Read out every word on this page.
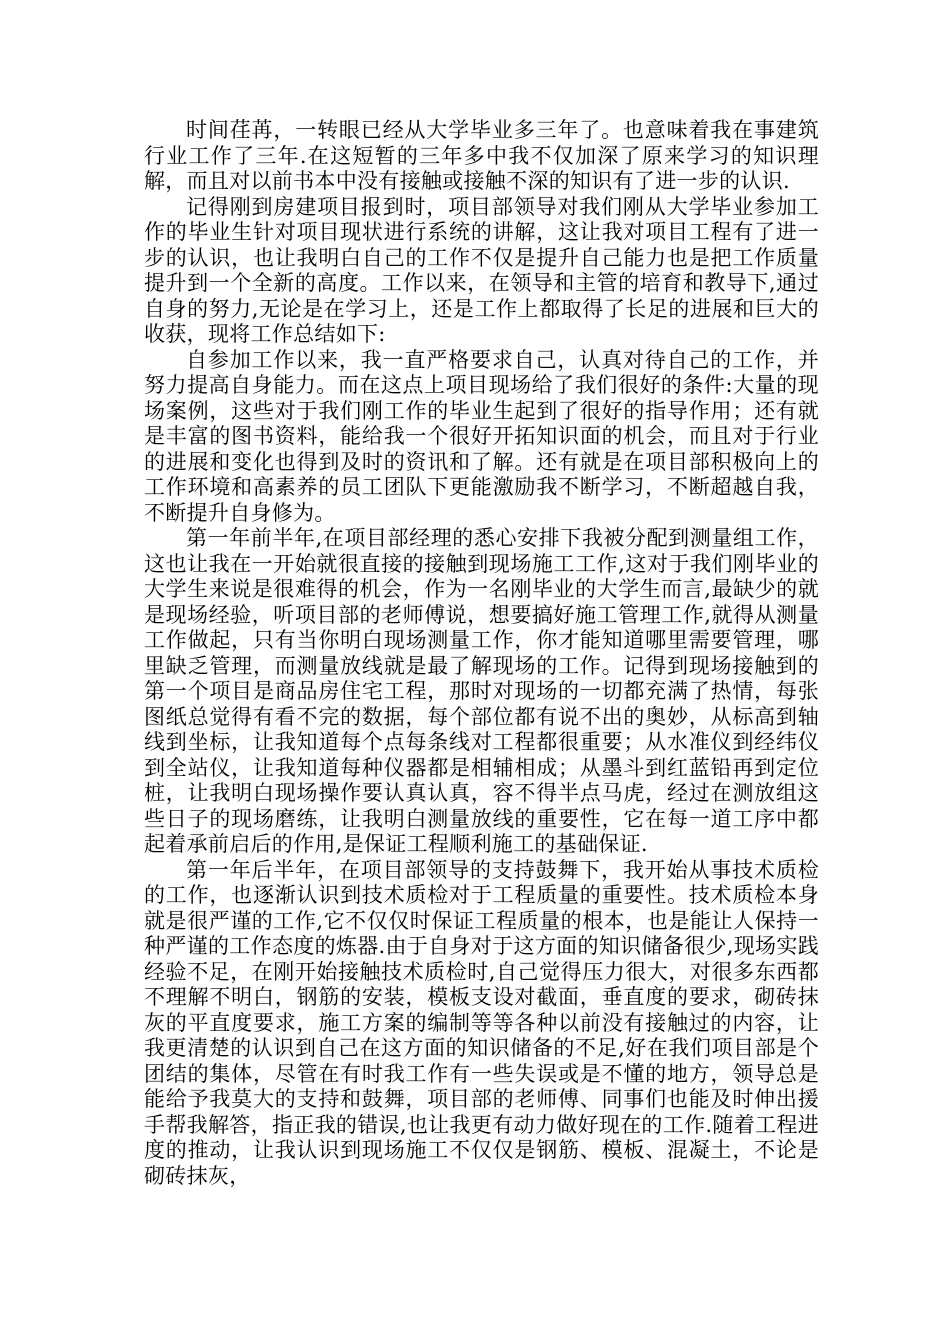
时间荏苒，一转眼已经从大学毕业多三年了。也意味着我在事建筑行业工作了三年.在这短暂的三年多中我不仅加深了原来学习的知识理解，而且对以前书本中没有接触或接触不深的知识有了进一步的认识.

记得刚到房建项目报到时，项目部领导对我们刚从大学毕业参加工作的毕业生针对项目现状进行系统的讲解，这让我对项目工程有了进一步的认识，也让我明白自己的工作不仅是提升自己能力也是把工作质量提升到一个全新的高度。工作以来，在领导和主管的培育和教导下,通过自身的努力,无论是在学习上，还是工作上都取得了长足的进展和巨大的收获，现将工作总结如下:

自参加工作以来，我一直严格要求自己，认真对待自己的工作，并努力提高自身能力。而在这点上项目现场给了我们很好的条件:大量的现场案例，这些对于我们刚工作的毕业生起到了很好的指导作用；还有就是丰富的图书资料，能给我一个很好开拓知识面的机会，而且对于行业的进展和变化也得到及时的资讯和了解。还有就是在项目部积极向上的工作环境和高素养的员工团队下更能激励我不断学习，不断超越自我，不断提升自身修为。

第一年前半年,在项目部经理的悉心安排下我被分配到测量组工作，这也让我在一开始就很直接的接触到现场施工工作,这对于我们刚毕业的大学生来说是很难得的机会，作为一名刚毕业的大学生而言,最缺少的就是现场经验，听项目部的老师傅说，想要搞好施工管理工作,就得从测量工作做起，只有当你明白现场测量工作，你才能知道哪里需要管理，哪里缺乏管理，而测量放线就是最了解现场的工作。记得到现场接触到的第一个项目是商品房住宅工程，那时对现场的一切都充满了热情，每张图纸总觉得有看不完的数据，每个部位都有说不出的奥妙，从标高到轴线到坐标，让我知道每个点每条线对工程都很重要；从水准仪到经纬仪到全站仪，让我知道每种仪器都是相辅相成；从墨斗到红蓝铅再到定位桩，让我明白现场操作要认真认真，容不得半点马虎，经过在测放组这些日子的现场磨练，让我明白测量放线的重要性，它在每一道工序中都起着承前启后的作用,是保证工程顺利施工的基础保证.

第一年后半年，在项目部领导的支持鼓舞下，我开始从事技术质检的工作，也逐渐认识到技术质检对于工程质量的重要性。技术质检本身就是很严谨的工作,它不仅仅时保证工程质量的根本，也是能让人保持一种严谨的工作态度的炼器.由于自身对于这方面的知识储备很少,现场实践经验不足，在刚开始接触技术质检时,自己觉得压力很大，对很多东西都不理解不明白，钢筋的安装，模板支设对截面，垂直度的要求，砌砖抹灰的平直度要求，施工方案的编制等等各种以前没有接触过的内容，让我更清楚的认识到自己在这方面的知识储备的不足,好在我们项目部是个团结的集体，尽管在有时我工作有一些失误或是不懂的地方，领导总是能给予我莫大的支持和鼓舞，项目部的老师傅、同事们也能及时伸出援手帮我解答，指正我的错误,也让我更有动力做好现在的工作.随着工程进度的推动，让我认识到现场施工不仅仅是钢筋、模板、混凝土，不论是砌砖抹灰，
